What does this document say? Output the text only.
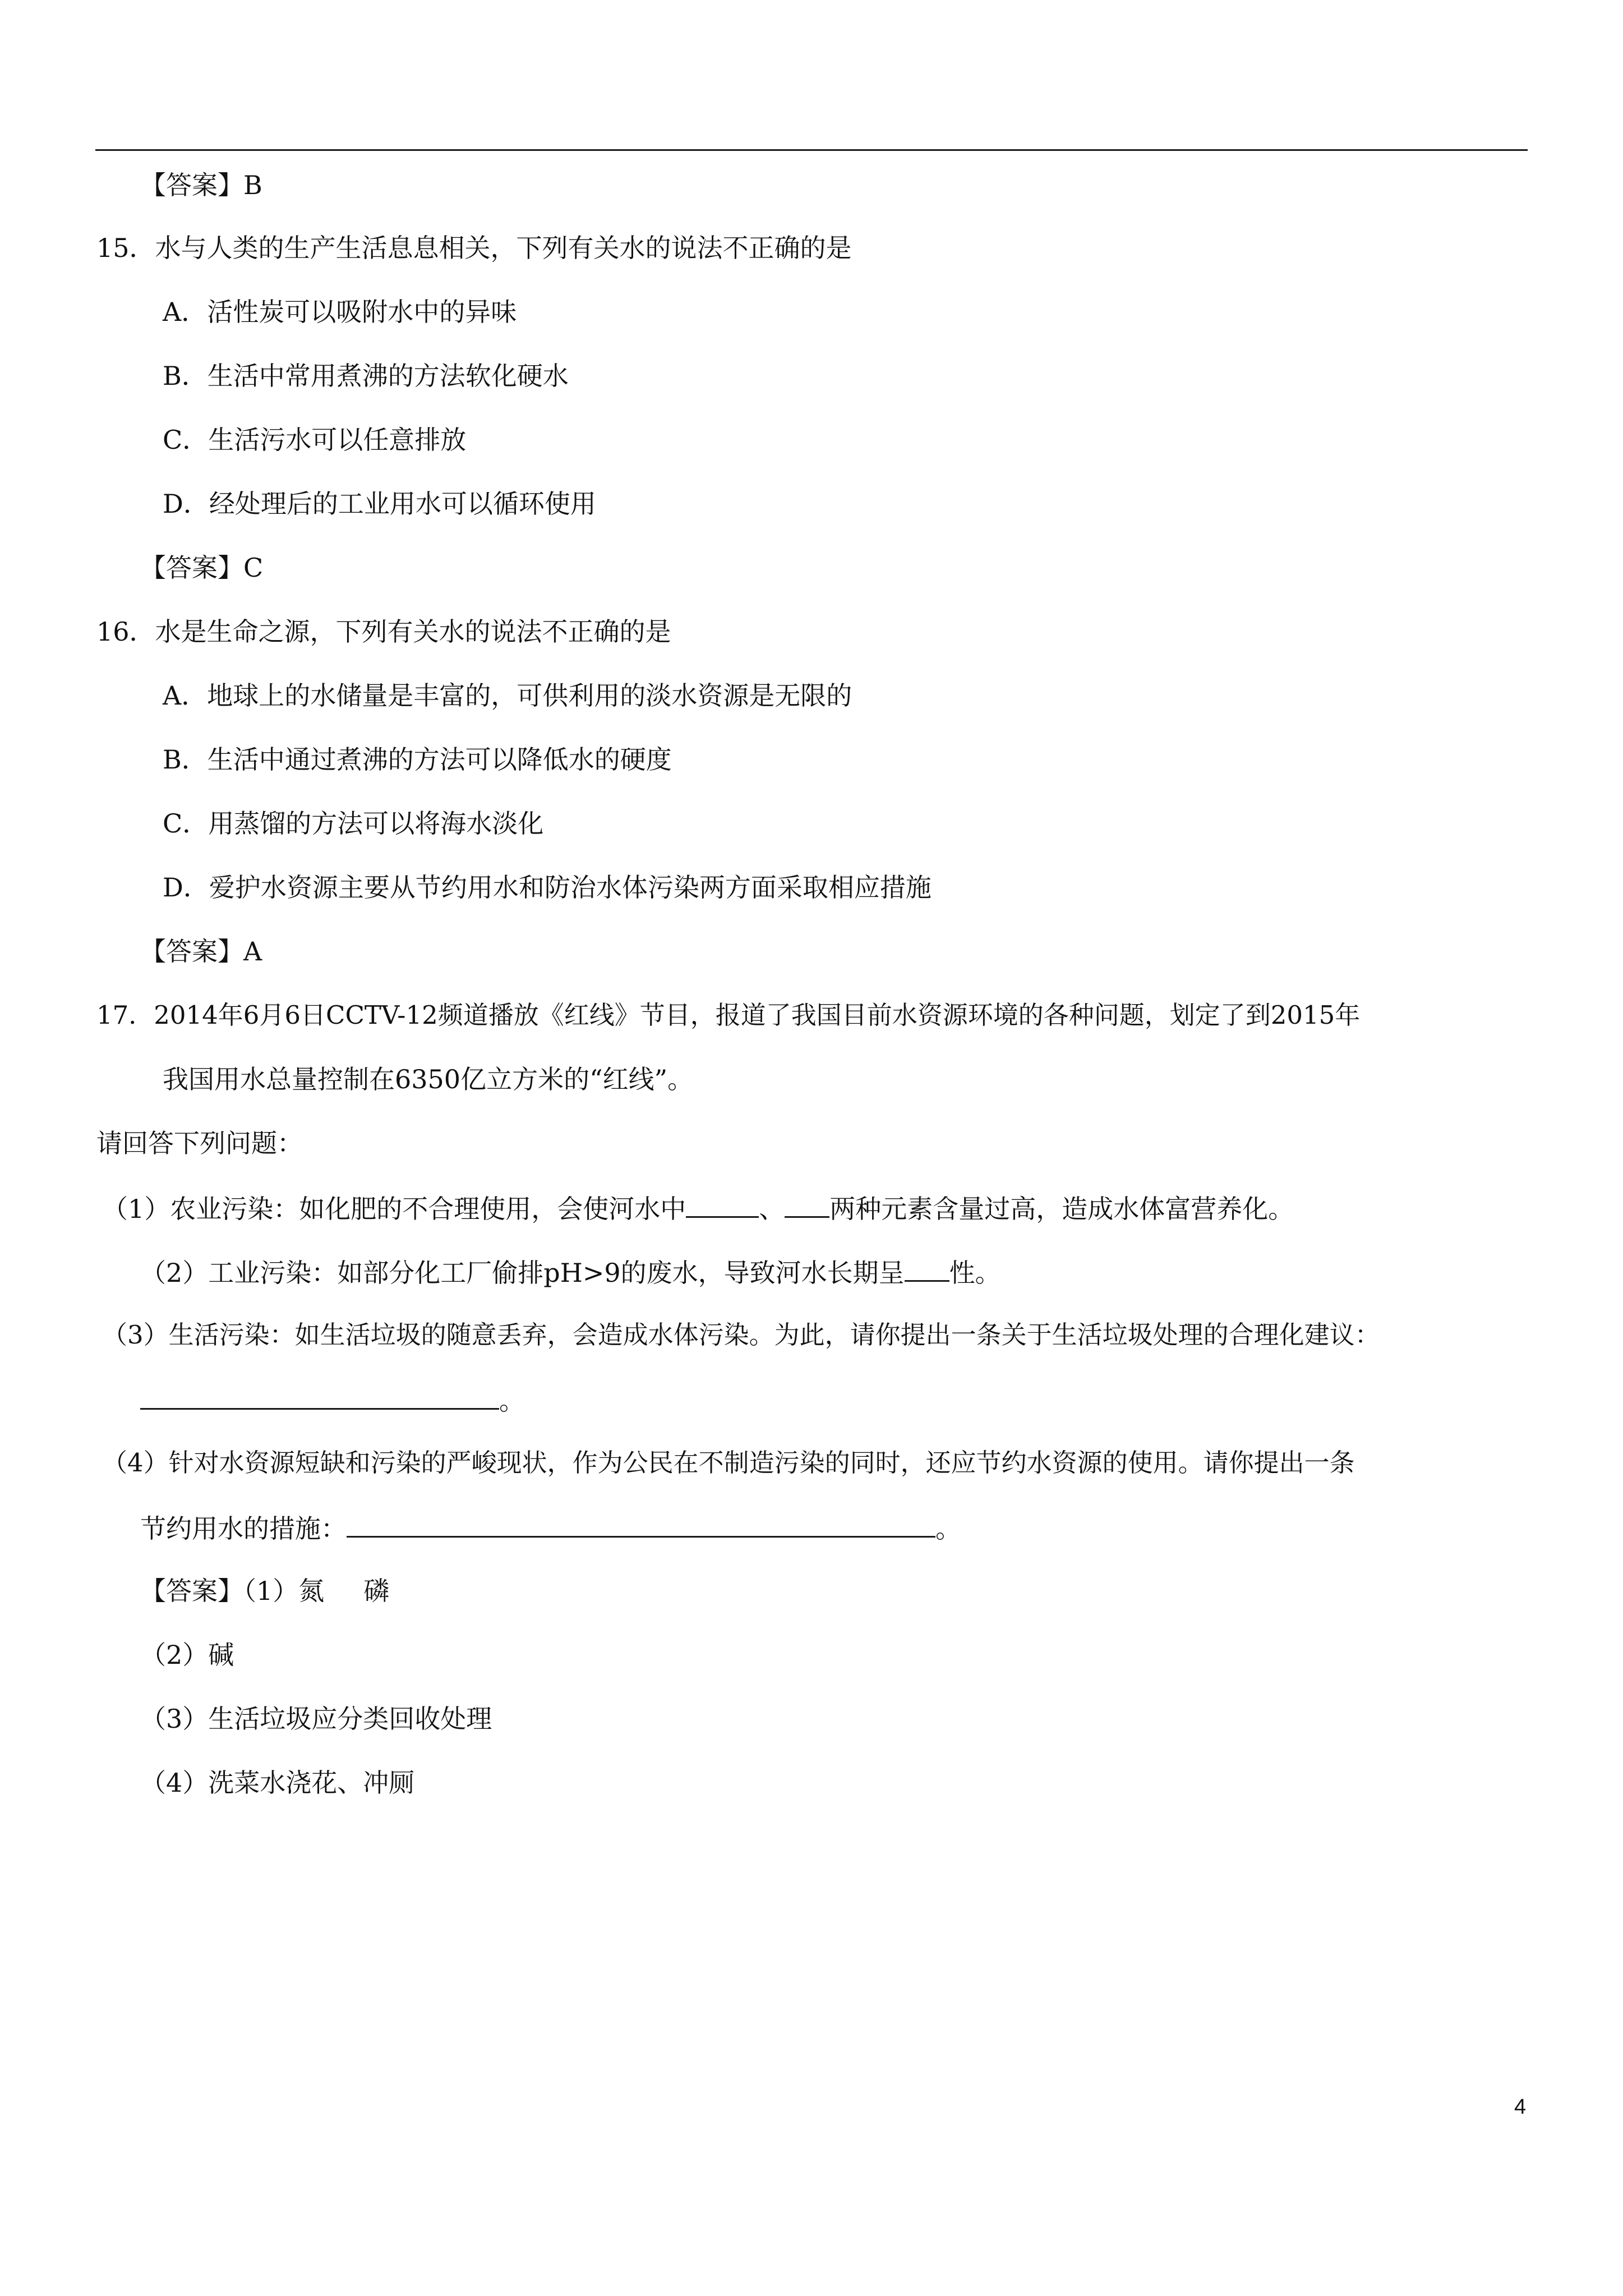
【答案】B
15．水与人类的生产生活息息相关，下列有关水的说法不正确的是
A．活性炭可以吸附水中的异味
B．生活中常用煮沸的方法软化硬水
C．生活污水可以任意排放
D．经处理后的工业用水可以循环使用
【答案】C
16．水是生命之源，下列有关水的说法不正确的是
A．地球上的水储量是丰富的，可供利用的淡水资源是无限的
B．生活中通过煮沸的方法可以降低水的硬度
C．用蒸馏的方法可以将海水淡化
D．爱护水资源主要从节约用水和防治水体污染两方面采取相应措施
【答案】A
17．2014年6月6日CCTV-12频道播放《红线》节目，报道了我国目前水资源环境的各种问题，划定了到2015年
我国用水总量控制在6350亿立方米的“红线”。
请回答下列问题：
（1）农业污染：如化肥的不合理使用，会使河水中	、 两种元素含量过高，造成水体富营养化。
（2）工业污染：如部分化工厂偷排pH>9的废水，导致河水长期呈 性。
（3）生活污染：如生活垃圾的随意丢弃，会造成水体污染。为此，请你提出一条关于生活垃圾处理的合理化建议：
。
（4）针对水资源短缺和污染的严峻现状，作为公民在不制造污染的同时，还应节约水资源的使用。请你提出一条
节约用水的措施：	。
【答案】（1）氮 磷
（2）碱
（3）生活垃圾应分类回收处理
（4）洗菜水浇花、冲厕
4
